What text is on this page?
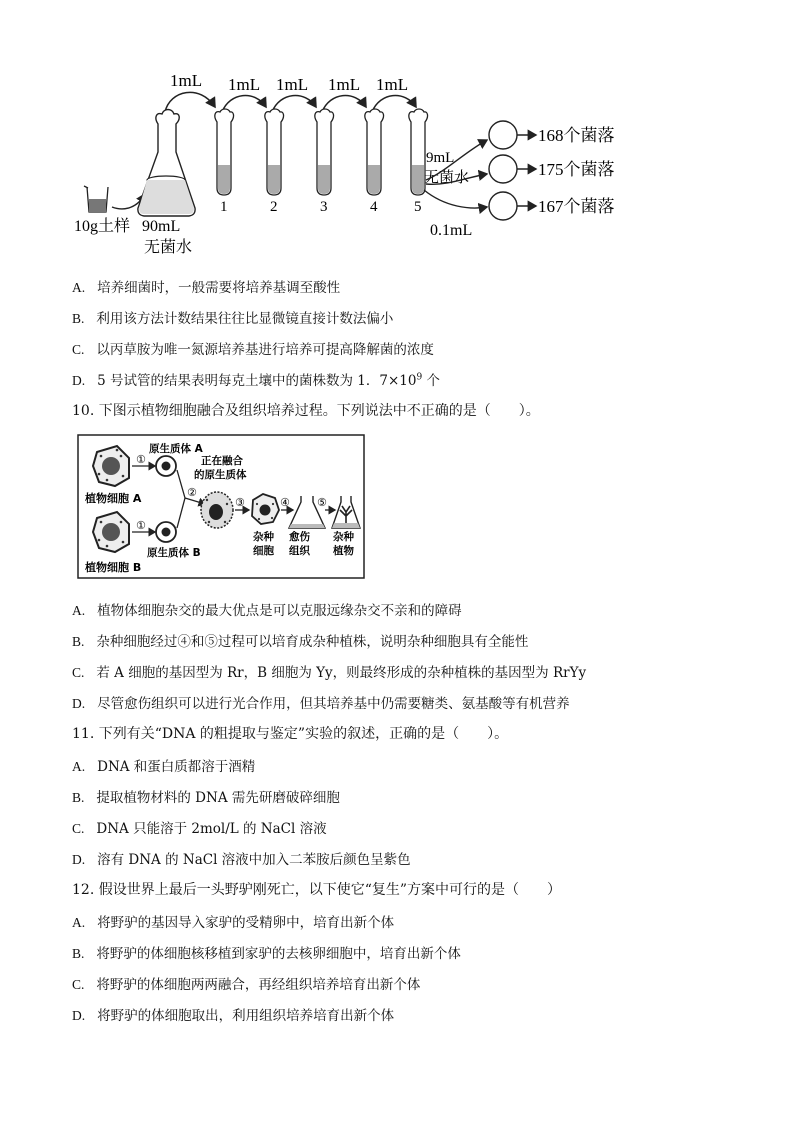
1mL 1mL 1mL 1mL 1mL
1	2	3	4 5
10g土样 90mL
无菌水
9mL
无菌水
0.1mL
168个菌落
175个菌落
167个菌落
A. 培养细菌时，一般需要将培养基调至酸性
B. 利用该方法计数结果往往比显微镜直接计数法偏小
C. 以丙草胺为唯一氮源培养基进行培养可提高降解菌的浓度
D. 5 号试管的结果表明每克土壤中的菌株数为 1．$7\times 10^9$ 个
10. 下图示植物细胞融合及组织培养过程。下列说法中不正确的是（　　）。
植物细胞 A
植物细胞 B
①
①
原生质体 A
原生质体 B
②
正在融合
的原生质体
③
杂种
细胞
④
愈伤
组织
⑤
杂种
植物
A. 植物体细胞杂交的最大优点是可以克服远缘杂交不亲和的障碍
B. 杂种细胞经过④和⑤过程可以培育成杂种植株，说明杂种细胞具有全能性
C. 若 A 细胞的基因型为 Rr，B 细胞为 Yy，则最终形成的杂种植株的基因型为 RrYy
D. 尽管愈伤组织可以进行光合作用，但其培养基中仍需要糖类、氨基酸等有机营养
11. 下列有关“DNA 的粗提取与鉴定”实验的叙述，正确的是（　　）。
A. DNA 和蛋白质都溶于酒精
B. 提取植物材料的 DNA 需先研磨破碎细胞
C. DNA 只能溶于 2mol/L 的 NaCl 溶液
D. 溶有 DNA 的 NaCl 溶液中加入二苯胺后颜色呈紫色
12. 假设世界上最后一头野驴刚死亡，以下使它“复生”方案中可行的是（　　）
A. 将野驴的基因导入家驴的受精卵中，培育出新个体
B. 将野驴的体细胞核移植到家驴的去核卵细胞中，培育出新个体
C. 将野驴的体细胞两两融合，再经组织培养培育出新个体
D. 将野驴的体细胞取出，利用组织培养培育出新个体
